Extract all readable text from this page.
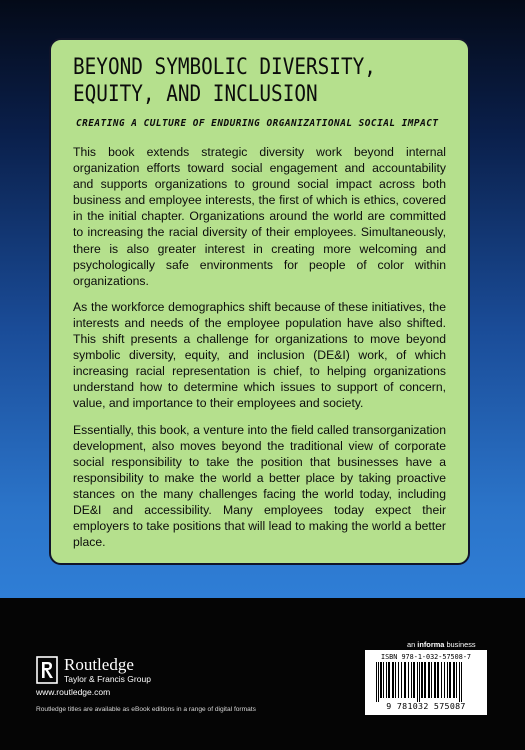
BEYOND SYMBOLIC DIVERSITY,
EQUITY, AND INCLUSION
CREATING A CULTURE OF ENDURING ORGANIZATIONAL SOCIAL IMPACT

This book extends strategic diversity work beyond internal organization efforts toward social engagement and accountability and supports organizations to ground social impact across both business and employee interests, the first of which is ethics, covered in the initial chapter. Organizations around the world are committed to increasing the racial diversity of their employees. Simultaneously, there is also greater interest in creating more welcoming and psychologically safe environments for people of color within organizations.

As the workforce demographics shift because of these initiatives, the interests and needs of the employee population have also shifted. This shift presents a challenge for organizations to move beyond symbolic diversity, equity, and inclusion (DE&I) work, of which increasing racial representation is chief, to helping organizations understand how to determine which issues to support of concern, value, and importance to their employees and society.

Essentially, this book, a venture into the field called transorganization development, also moves beyond the traditional view of corporate social responsibility to take the position that businesses have a responsibility to make the world a better place by taking proactive stances on the many challenges facing the world today, including DE&I and accessibility. Many employees today expect their employers to take positions that will lead to making the world a better place.

an informa business
Routledge
Taylor & Francis Group
www.routledge.com
Routledge titles are available as eBook editions in a range of digital formats
ISBN 978-1-032-57508-7
9 781032 575087
